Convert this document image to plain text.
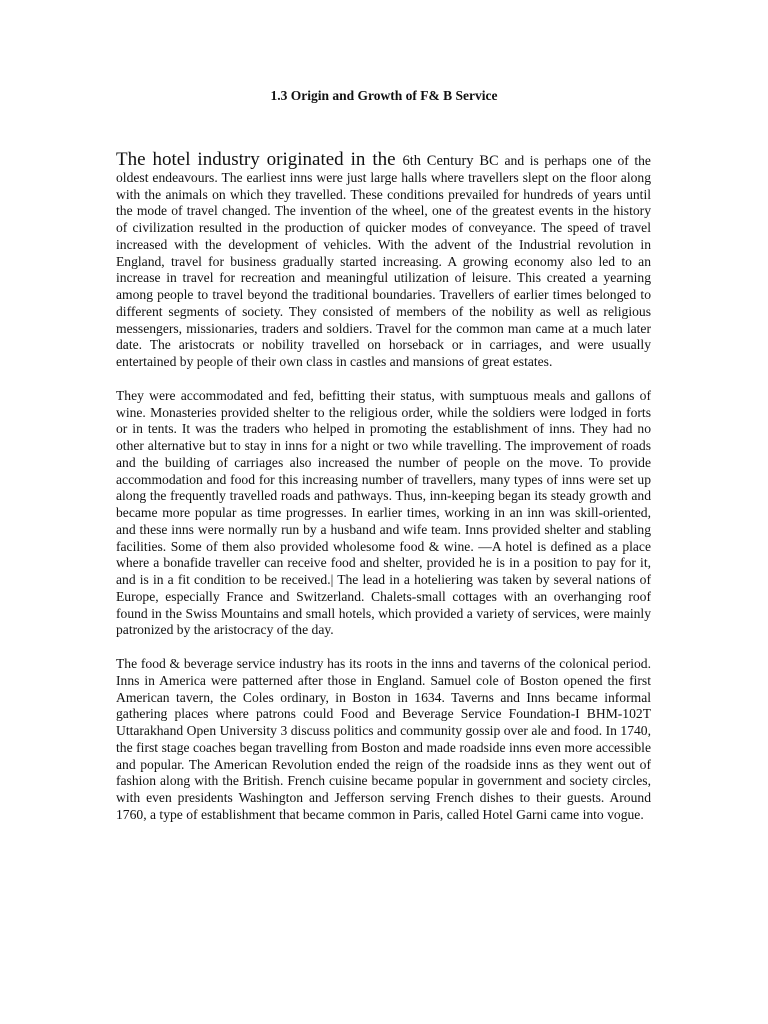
1.3 Origin and Growth of F& B Service

The hotel industry originated in the 6th Century BC and is perhaps one of the oldest endeavours. The earliest inns were just large halls where travellers slept on the floor along with the animals on which they travelled. These conditions prevailed for hundreds of years until the mode of travel changed. The invention of the wheel, one of the greatest events in the history of civilization resulted in the production of quicker modes of conveyance. The speed of travel increased with the development of vehicles. With the advent of the Industrial revolution in England, travel for business gradually started increasing. A growing economy also led to an increase in travel for recreation and meaningful utilization of leisure. This created a yearning among people to travel beyond the traditional boundaries. Travellers of earlier times belonged to different segments of society. They consisted of members of the nobility as well as religious messengers, missionaries, traders and soldiers. Travel for the common man came at a much later date. The aristocrats or nobility travelled on horseback or in carriages, and were usually entertained by people of their own class in castles and mansions of great estates.

They were accommodated and fed, befitting their status, with sumptuous meals and gallons of wine. Monasteries provided shelter to the religious order, while the soldiers were lodged in forts or in tents. It was the traders who helped in promoting the establishment of inns. They had no other alternative but to stay in inns for a night or two while travelling. The improvement of roads and the building of carriages also increased the number of people on the move. To provide accommodation and food for this increasing number of travellers, many types of inns were set up along the frequently travelled roads and pathways. Thus, inn-keeping began its steady growth and became more popular as time progresses. In earlier times, working in an inn was skill-oriented, and these inns were normally run by a husband and wife team. Inns provided shelter and stabling facilities. Some of them also provided wholesome food & wine. —A hotel is defined as a place where a bonafide traveller can receive food and shelter, provided he is in a position to pay for it, and is in a fit condition to be received.| The lead in a hoteliering was taken by several nations of Europe, especially France and Switzerland. Chalets-small cottages with an overhanging roof found in the Swiss Mountains and small hotels, which provided a variety of services, were mainly patronized by the aristocracy of the day.

The food & beverage service industry has its roots in the inns and taverns of the colonical period. Inns in America were patterned after those in England. Samuel cole of Boston opened the first American tavern, the Coles ordinary, in Boston in 1634. Taverns and Inns became informal gathering places where patrons could Food and Beverage Service Foundation-I BHM-102T Uttarakhand Open University 3 discuss politics and community gossip over ale and food. In 1740, the first stage coaches began travelling from Boston and made roadside inns even more accessible and popular. The American Revolution ended the reign of the roadside inns as they went out of fashion along with the British. French cuisine became popular in government and society circles, with even presidents Washington and Jefferson serving French dishes to their guests. Around 1760, a type of establishment that became common in Paris, called Hotel Garni came into vogue.
